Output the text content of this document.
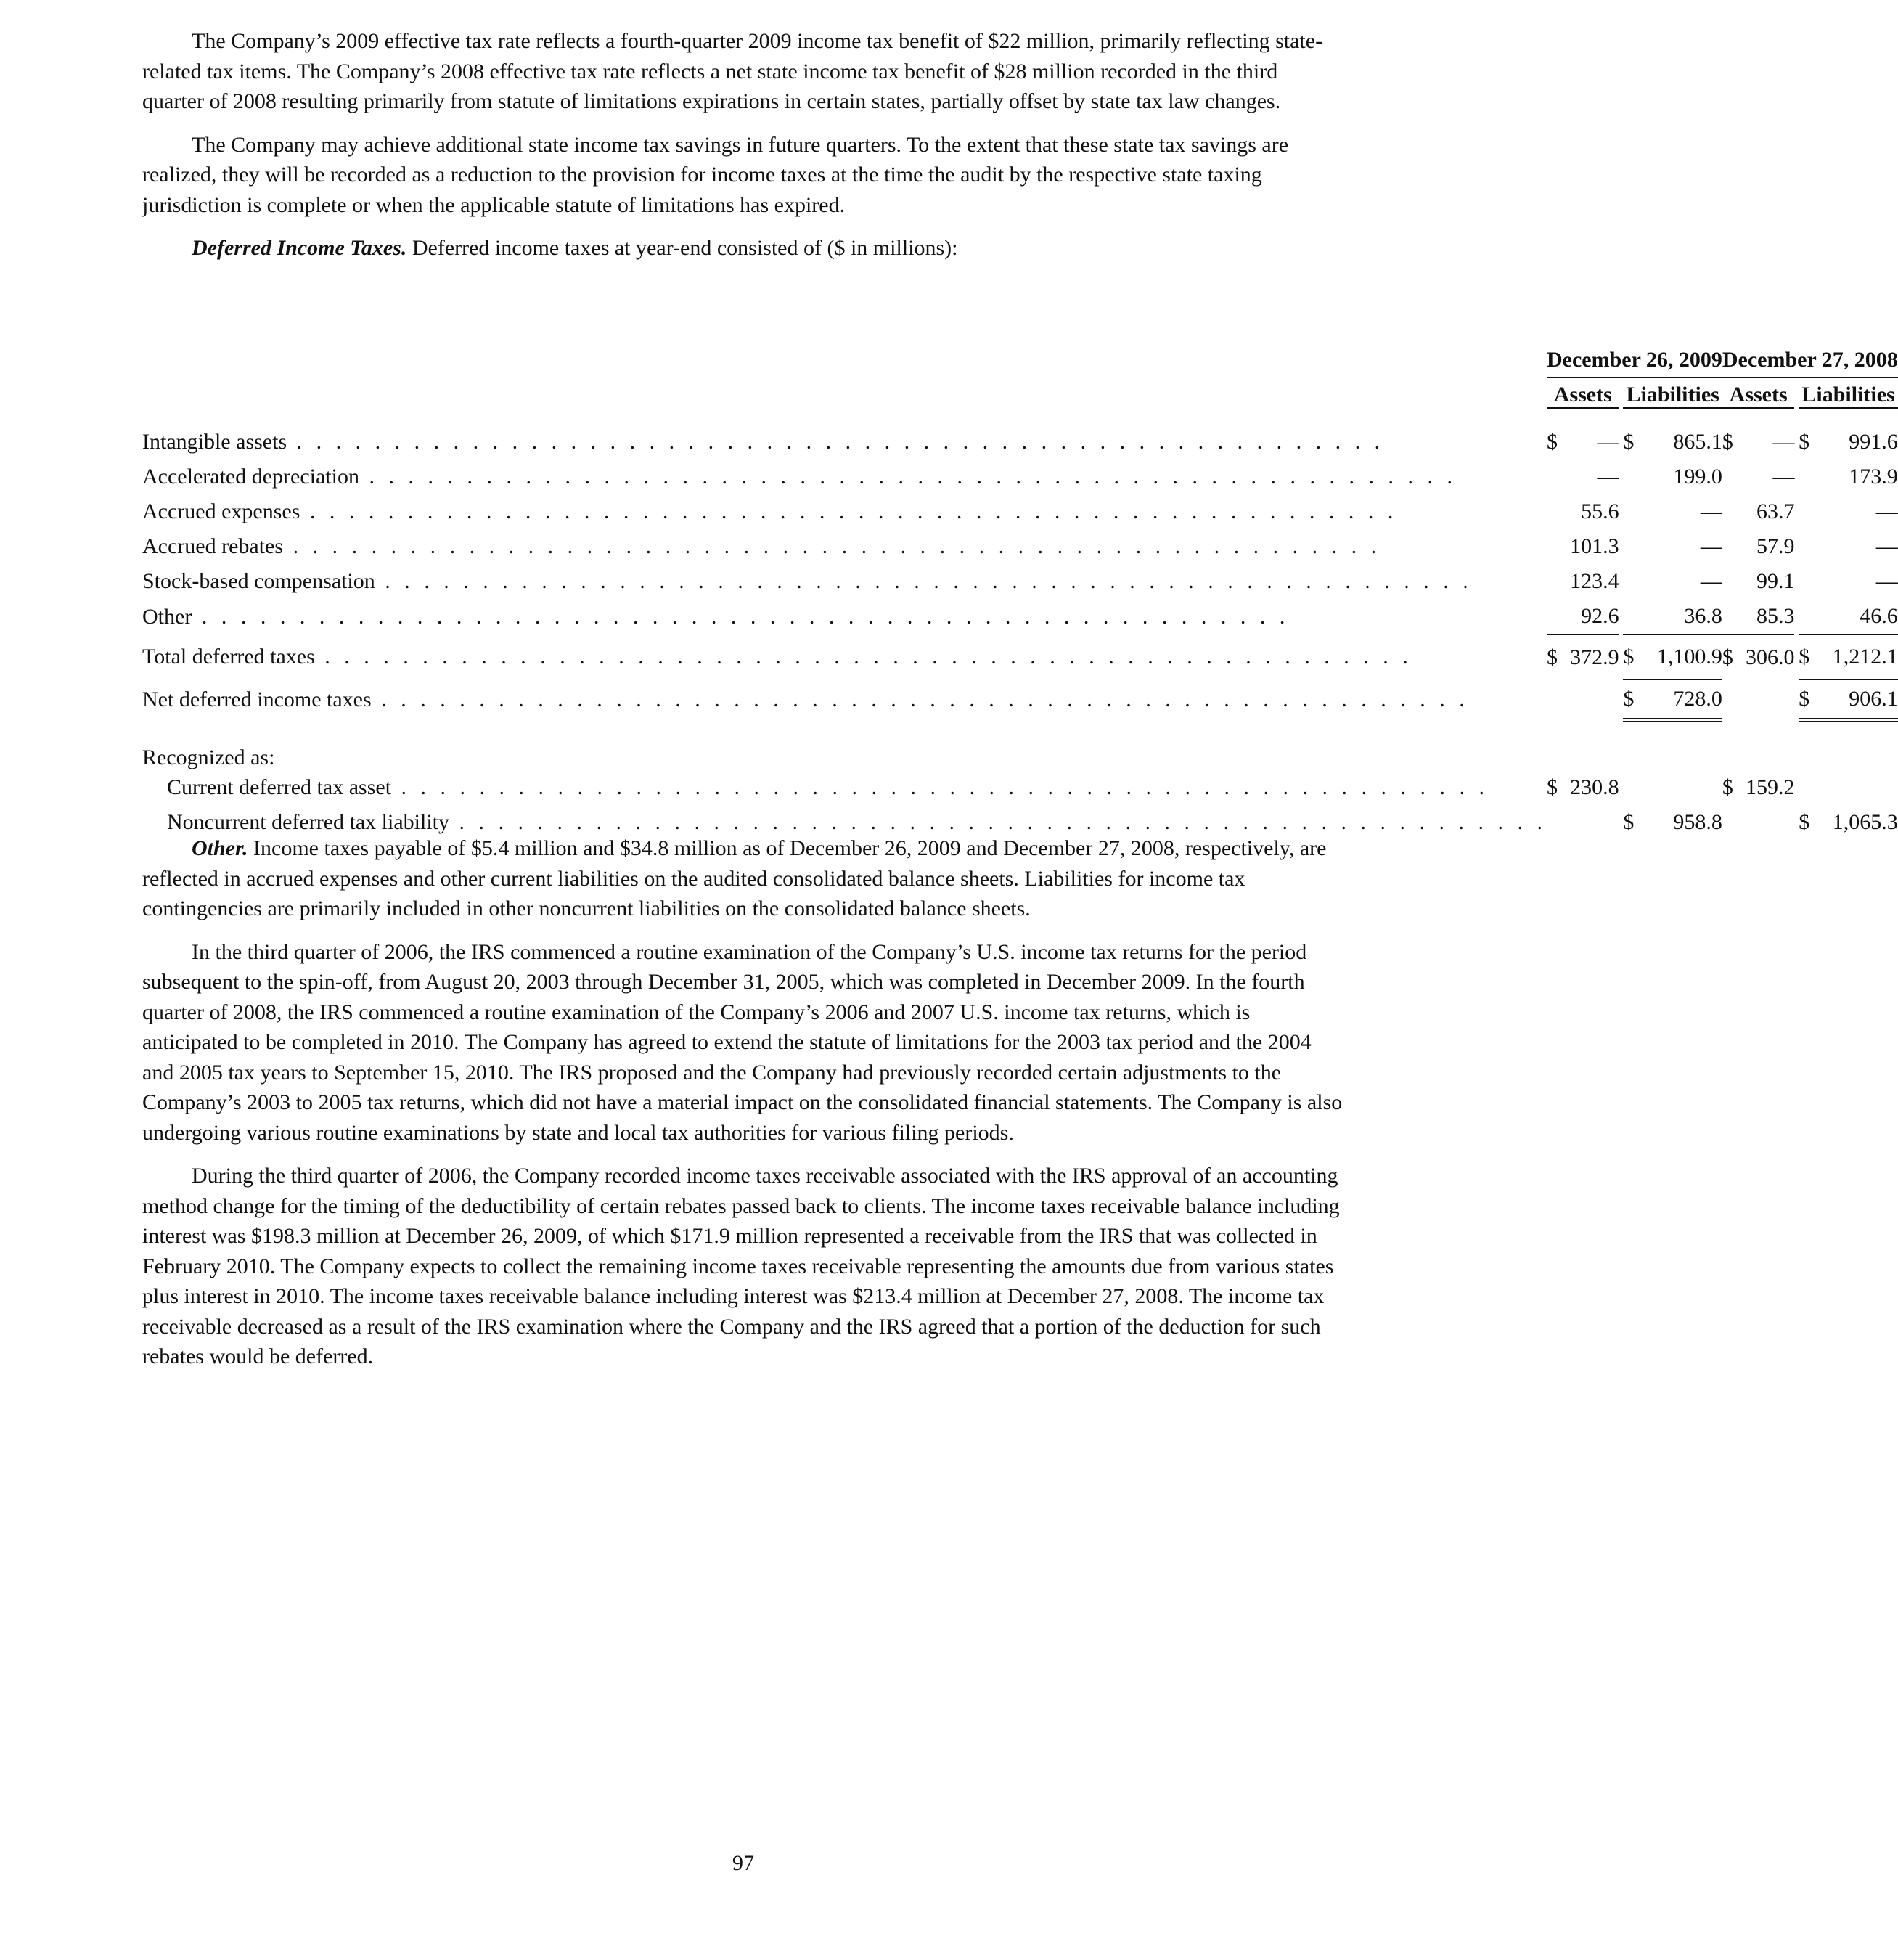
The Company’s 2009 effective tax rate reflects a fourth-quarter 2009 income tax benefit of $22 million, primarily reflecting state-related tax items. The Company’s 2008 effective tax rate reflects a net state income tax benefit of $28 million recorded in the third quarter of 2008 resulting primarily from statute of limitations expirations in certain states, partially offset by state tax law changes.

The Company may achieve additional state income tax savings in future quarters. To the extent that these state tax savings are realized, they will be recorded as a reduction to the provision for income taxes at the time the audit by the respective state taxing jurisdiction is complete or when the applicable statute of limitations has expired.

Deferred Income Taxes. Deferred income taxes at year-end consisted of ($ in millions):

		December 26, 2009			December 27, 2008		
		Assets		Liabilities		Assets		Liabilities

Intangible assets . . . . . . . . . . . . . . . . . . . . . . . . . . . . . . . . . . . . . . . . . . . . . . . . . . . . . . . .		$ —		$ 865.1		$ —		$ 991.6

Accelerated depreciation . . . . . . . . . . . . . . . . . . . . . . . . . . . . . . . . . . . . . . . . . . . . . . . . . . . . . . . .		—		199.0		—		173.9

Accrued expenses . . . . . . . . . . . . . . . . . . . . . . . . . . . . . . . . . . . . . . . . . . . . . . . . . . . . . . . .		55.6		—		63.7		—

Accrued rebates . . . . . . . . . . . . . . . . . . . . . . . . . . . . . . . . . . . . . . . . . . . . . . . . . . . . . . . .		101.3		—		57.9		—

Stock-based compensation . . . . . . . . . . . . . . . . . . . . . . . . . . . . . . . . . . . . . . . . . . . . . . . . . . . . . . . .		123.4		—		99.1		—

Other . . . . . . . . . . . . . . . . . . . . . . . . . . . . . . . . . . . . . . . . . . . . . . . . . . . . . . . .		92.6		36.8		85.3		46.6

Total deferred taxes . . . . . . . . . . . . . . . . . . . . . . . . . . . . . . . . . . . . . . . . . . . . . . . . . . . . . . . .		$ 372.9		$ 1,100.9		$ 306.0		$ 1,212.1

Net deferred income taxes . . . . . . . . . . . . . . . . . . . . . . . . . . . . . . . . . . . . . . . . . . . . . . . . . . . . . . . .				$ 728.0				$ 906.1

Recognized as:						
Current deferred tax asset . . . . . . . . . . . . . . . . . . . . . . . . . . . . . . . . . . . . . . . . . . . . . . . . . . . . . . . .		$ 230.8				$ 159.2		

Noncurrent deferred tax liability . . . . . . . . . . . . . . . . . . . . . . . . . . . . . . . . . . . . . . . . . . . . . . . . . . . . . . . .				$ 958.8				$ 1,065.3

Other. Income taxes payable of $5.4 million and $34.8 million as of December 26, 2009 and December 27, 2008, respectively, are reflected in accrued expenses and other current liabilities on the audited consolidated balance sheets. Liabilities for income tax contingencies are primarily included in other noncurrent liabilities on the consolidated balance sheets.

In the third quarter of 2006, the IRS commenced a routine examination of the Company’s U.S. income tax returns for the period subsequent to the spin-off, from August 20, 2003 through December 31, 2005, which was completed in December 2009. In the fourth quarter of 2008, the IRS commenced a routine examination of the Company’s 2006 and 2007 U.S. income tax returns, which is anticipated to be completed in 2010. The Company has agreed to extend the statute of limitations for the 2003 tax period and the 2004 and 2005 tax years to September 15, 2010. The IRS proposed and the Company had previously recorded certain adjustments to the Company’s 2003 to 2005 tax returns, which did not have a material impact on the consolidated financial statements. The Company is also undergoing various routine examinations by state and local tax authorities for various filing periods.

During the third quarter of 2006, the Company recorded income taxes receivable associated with the IRS approval of an accounting method change for the timing of the deductibility of certain rebates passed back to clients. The income taxes receivable balance including interest was $198.3 million at December 26, 2009, of which $171.9 million represented a receivable from the IRS that was collected in February 2010. The Company expects to collect the remaining income taxes receivable representing the amounts due from various states plus interest in 2010. The income taxes receivable balance including interest was $213.4 million at December 27, 2008. The income tax receivable decreased as a result of the IRS examination where the Company and the IRS agreed that a portion of the deduction for such rebates would be deferred.

97
